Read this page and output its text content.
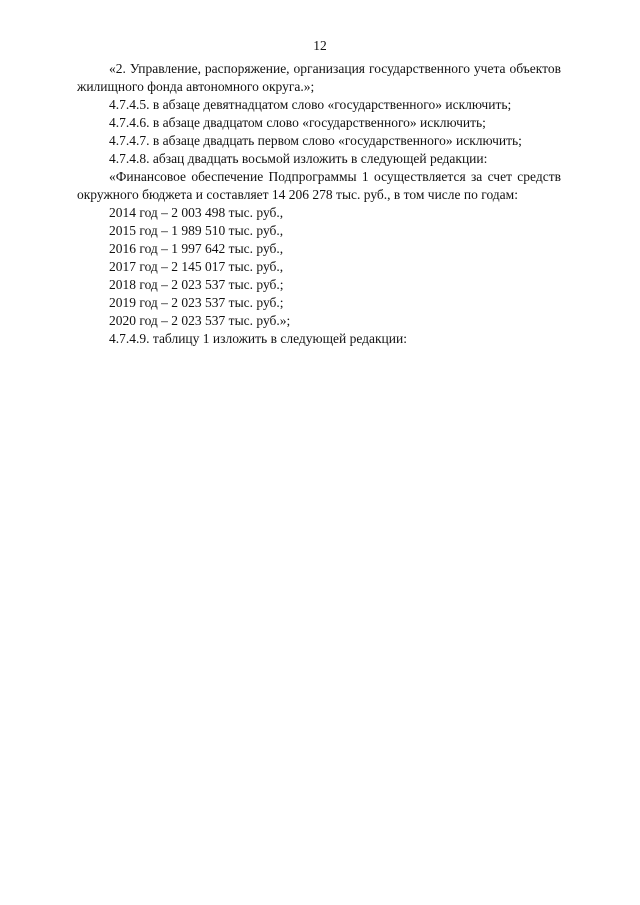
12

«2. Управление, распоряжение, организация государственного учета объектов жилищного фонда автономного округа.»;

4.7.4.5. в абзаце девятнадцатом слово «государственного» исключить;

4.7.4.6. в абзаце двадцатом слово «государственного» исключить;

4.7.4.7. в абзаце двадцать первом слово «государственного» исключить;

4.7.4.8. абзац двадцать восьмой изложить в следующей редакции:

«Финансовое обеспечение Подпрограммы 1 осуществляется за счет средств окружного бюджета и составляет 14 206 278 тыс. руб., в том числе по годам:

2014 год – 2 003 498 тыс. руб.,

2015 год – 1 989 510 тыс. руб.,

2016 год – 1 997 642 тыс. руб.,

2017 год – 2 145 017 тыс. руб.,

2018 год – 2 023 537 тыс. руб.;

2019 год – 2 023 537 тыс. руб.;

2020 год – 2 023 537 тыс. руб.»;

4.7.4.9. таблицу 1 изложить в следующей редакции:
